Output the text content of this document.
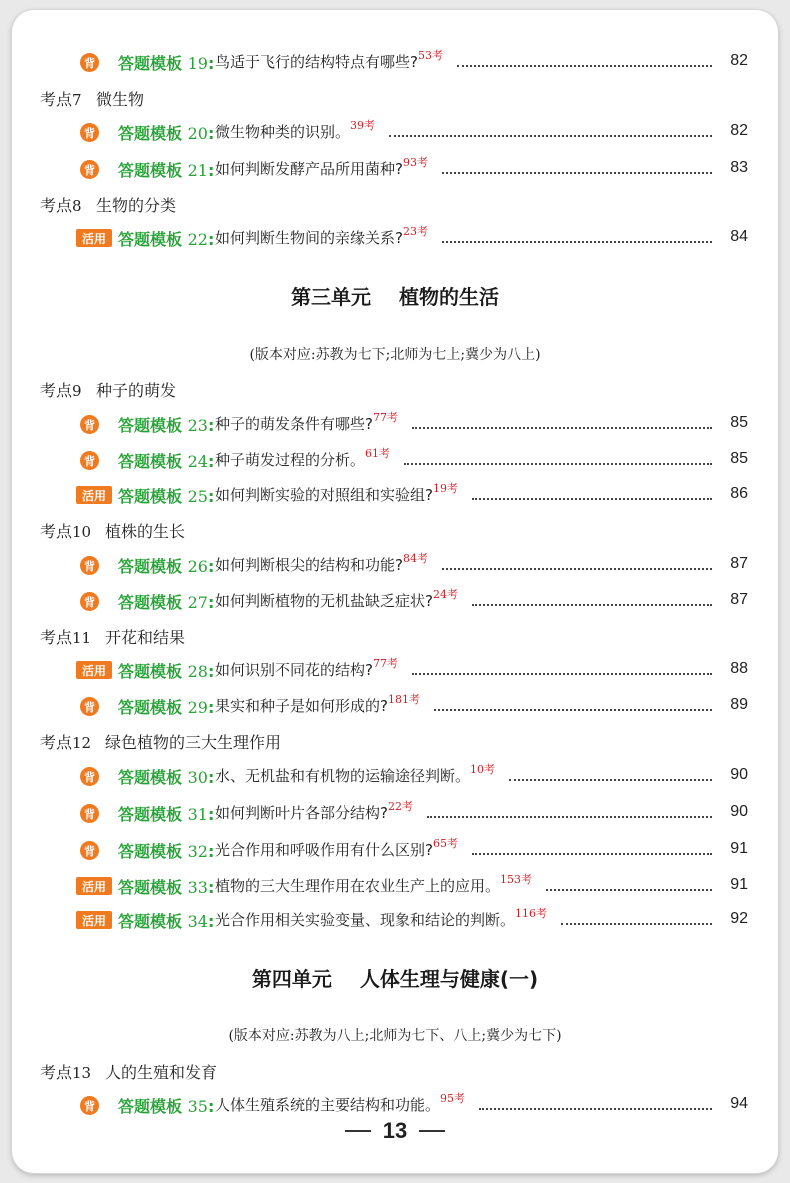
背 答题模板 19: 鸟适于飞行的结构特点有哪些?$^{53考}$	82
考点7 微生物
背 答题模板 20: 微生物种类的识别。$^{39考}$	82
背 答题模板 21: 如何判断发酵产品所用菌种?$^{93考}$	83
考点8 生物的分类
活用 答题模板 22: 如何判断生物间的亲缘关系?$^{23考}$	84
第三单元 植物的生活
(版本对应:苏教为七下;北师为七上;冀少为八上)
考点9 种子的萌发
背 答题模板 23: 种子的萌发条件有哪些?$^{77考}$	85
背 答题模板 24: 种子萌发过程的分析。$^{61考}$	85
活用 答题模板 25: 如何判断实验的对照组和实验组?$^{19考}$	86
考点10 植株的生长
背 答题模板 26: 如何判断根尖的结构和功能?$^{84考}$	87
背 答题模板 27: 如何判断植物的无机盐缺乏症状?$^{24考}$	87
考点11 开花和结果
活用 答题模板 28: 如何识别不同花的结构?$^{77考}$	88
背 答题模板 29: 果实和种子是如何形成的?$^{181考}$	89
考点12 绿色植物的三大生理作用
背 答题模板 30: 水、无机盐和有机物的运输途径判断。$^{10考}$	90
背 答题模板 31: 如何判断叶片各部分结构?$^{22考}$	90
背 答题模板 32: 光合作用和呼吸作用有什么区别?$^{65考}$	91
活用 答题模板 33: 植物的三大生理作用在农业生产上的应用。$^{153考}$	91
活用 答题模板 34: 光合作用相关实验变量、现象和结论的判断。$^{116考}$	92
第四单元 人体生理与健康(一)
(版本对应:苏教为八上;北师为七下、八上;冀少为七下)
考点13 人的生殖和发育
背 答题模板 35: 人体生殖系统的主要结构和功能。$^{95考}$	94
13
